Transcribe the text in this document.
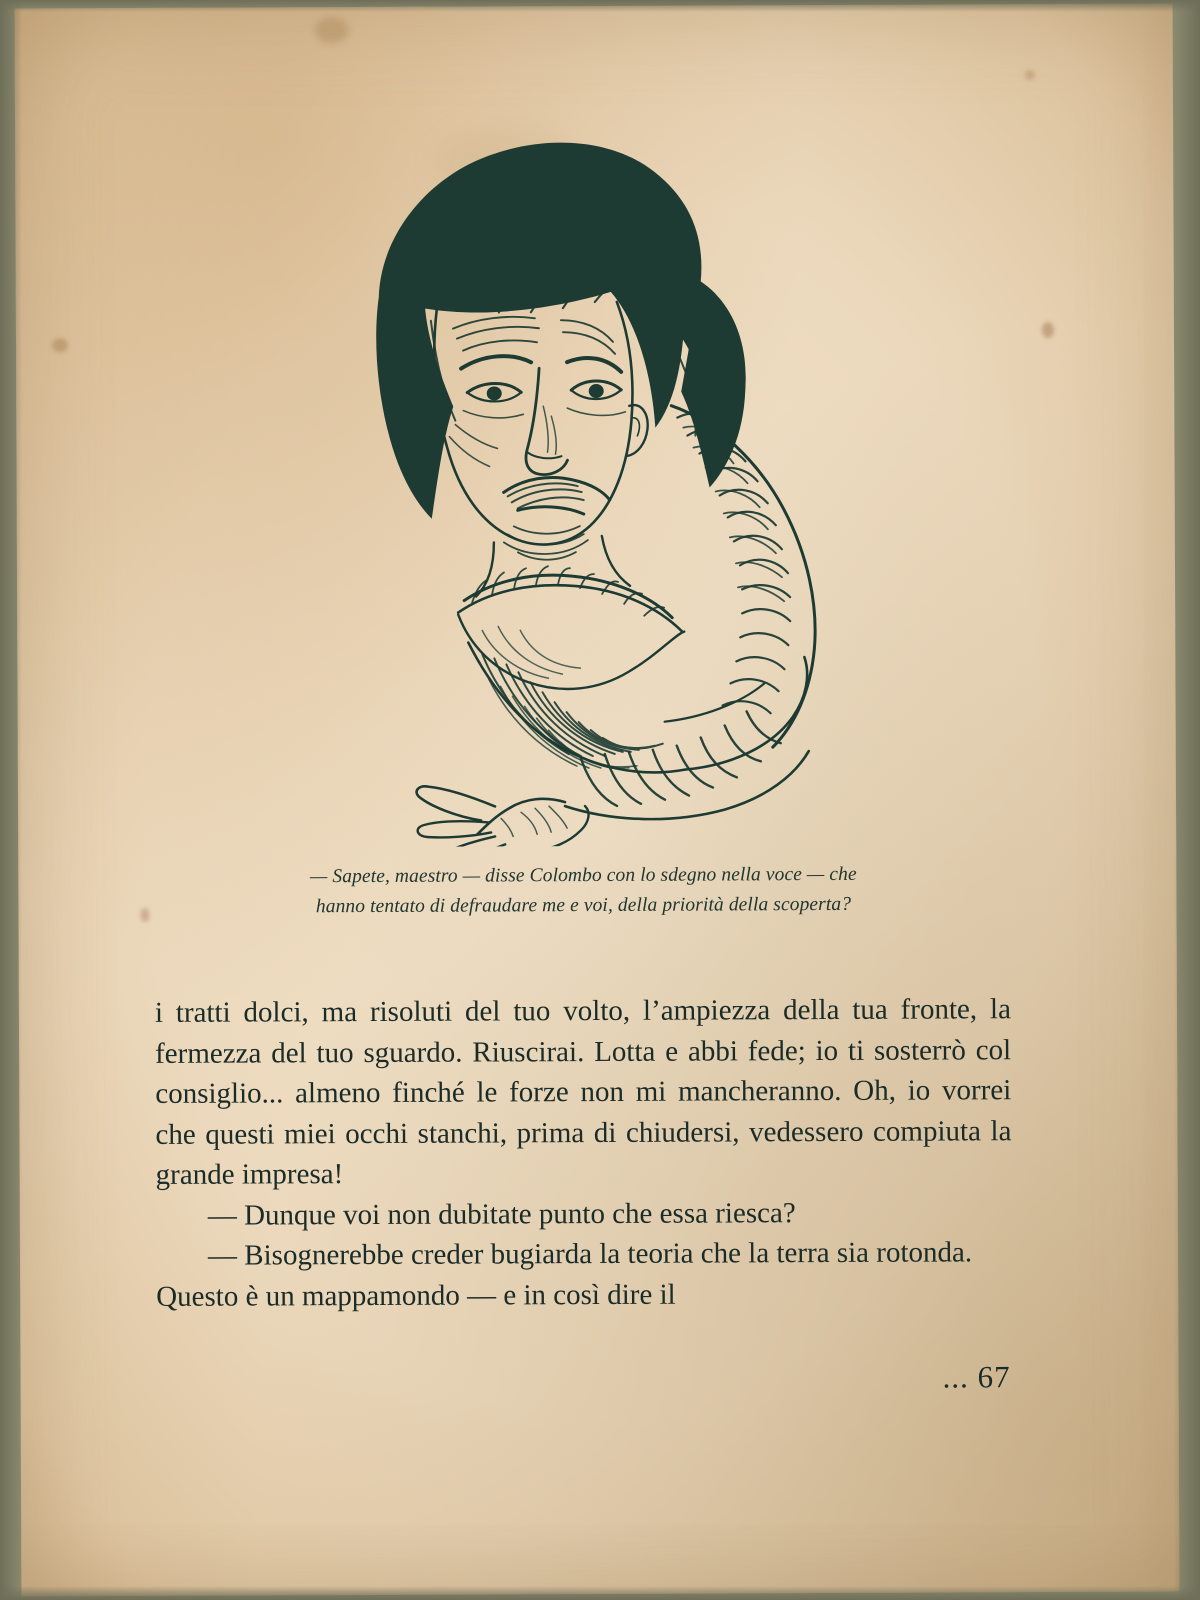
— Sapete, maestro — disse Colombo con lo sdegno nella voce — che
hanno tentato di defraudare me e voi, della priorità della scoperta?

i tratti dolci, ma risoluti del tuo volto, l’ampiezza della tua fronte, la fermezza del tuo sguardo. Riuscirai. Lotta e abbi fede; io ti sosterrò col consiglio... almeno finché le forze non mi mancheranno. Oh, io vorrei che questi miei occhi stanchi, prima di chiudersi, vedessero compiuta la grande impresa!

— Dunque voi non dubitate punto che essa riesca?

— Bisognerebbe creder bugiarda la teoria che la terra sia rotonda. Questo è un mappamondo — e in così dire il

... 67
